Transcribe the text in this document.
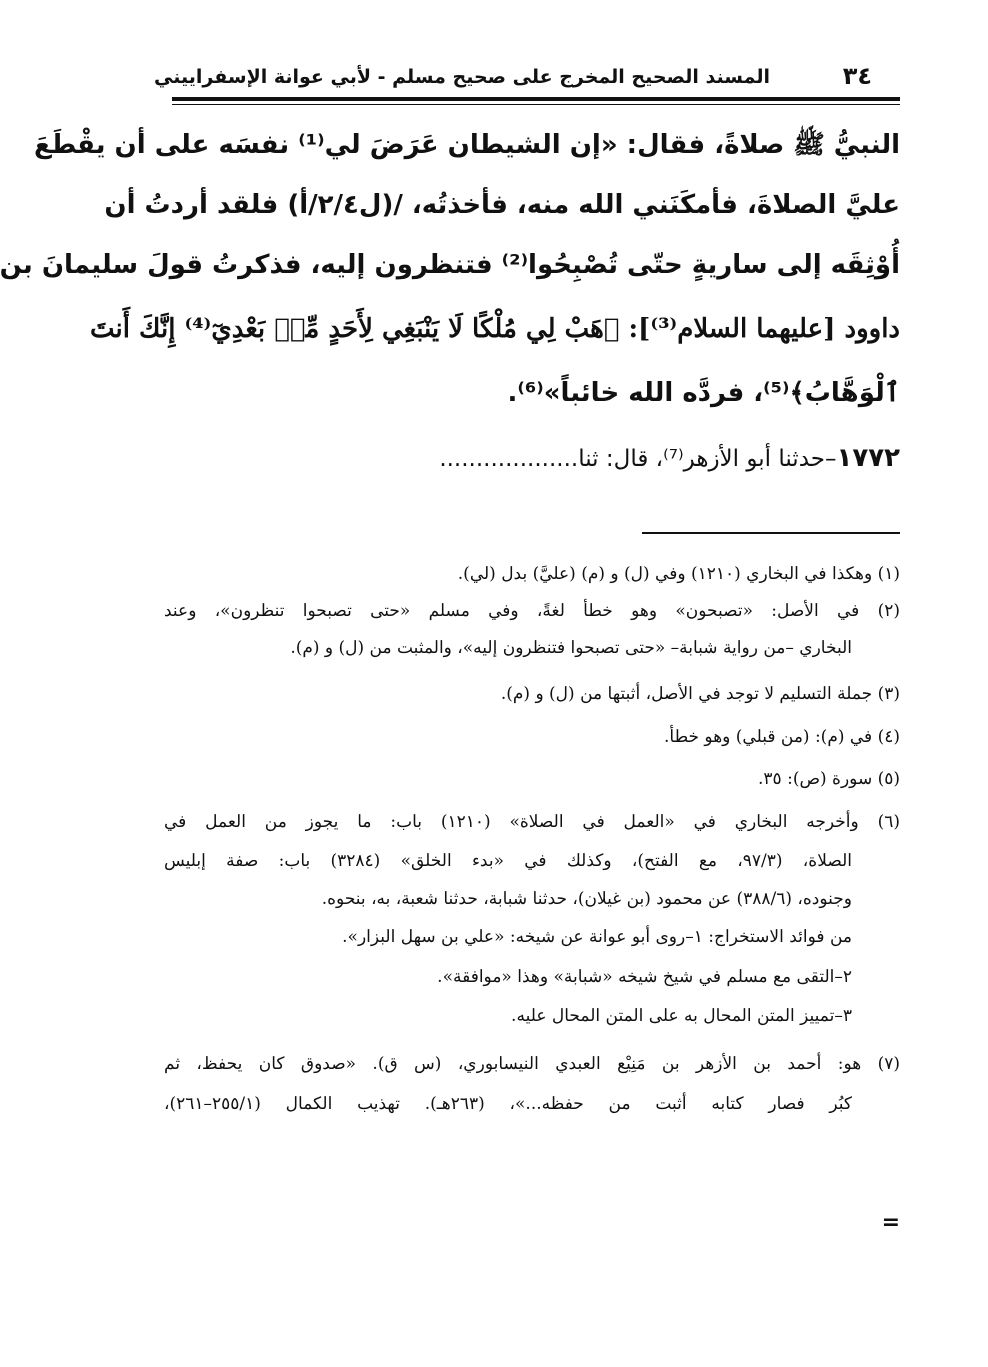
٣٤
المسند الصحيح المخرج على صحيح مسلم - لأبي عوانة الإسفراييني
النبيُّ ﷺ صلاةً، فقال: «إن الشيطان عَرَضَ لي⁽¹⁾ نفسَه على أن يقْطَعَ
عليَّ الصلاةَ، فأمكَنَني الله منه، فأخذتُه، /(ل٢/٤/أ) فلقد أردتُ أن
أُوْثِقَه إلى ساريةٍ حتّى تُصْبِحُوا⁽²⁾ فتنظرون إليه، فذكرتُ قولَ سليمانَ بن
داوود [عليهما السلام⁽³⁾]: ﴿هَبْ لِي مُلْكًا لَا يَنْبَغِي لِأَحَدٍ مِّنۢ بَعْدِيٓ⁽⁴⁾ إِنَّكَ أَنتَ
ٱلْوَهَّابُ﴾⁽⁵⁾، فردَّه الله خائباً»⁽⁶⁾.
١٧٧٢–حدثنا أبو الأزهر⁽⁷⁾، قال: ثنا...................
(١) وهكذا في البخاري (١٢١٠) وفي (ل) و (م) (عليَّ) بدل (لي).
(٢) في الأصل: «تصبحون» وهو خطأ لغةً، وفي مسلم «حتى تصبحوا تنظرون»، وعند
البخاري –من رواية شبابة– «حتى تصبحوا فتنظرون إليه»، والمثبت من (ل) و (م).
(٣) جملة التسليم لا توجد في الأصل، أثبتها من (ل) و (م).
(٤) في (م): (من قبلي) وهو خطأ.
(٥) سورة (ص): ٣٥.
(٦) وأخرجه البخاري في «العمل في الصلاة» (١٢١٠) باب: ما يجوز من العمل في
الصلاة، (٩٧/٣، مع الفتح)، وكذلك في «بدء الخلق» (٣٢٨٤) باب: صفة إبليس
وجنوده، (٣٨٨/٦) عن محمود (بن غيلان)، حدثنا شبابة، حدثنا شعبة، به، بنحوه.
من فوائد الاستخراج: ١–روى أبو عوانة عن شيخه: «علي بن سهل البزار».
٢–التقى مع مسلم في شيخ شيخه «شبابة» وهذا «موافقة».
٣–تمييز المتن المحال به على المتن المحال عليه.
(٧) هو: أحمد بن الأزهر بن مَنِيْع العبدي النيسابوري، (س ق). «صدوق كان يحفظ، ثم
كبُر فصار كتابه أثبت من حفظه...»، (٢٦٣هـ). تهذيب الكمال (٢٥٥/١–٢٦١)،
=
